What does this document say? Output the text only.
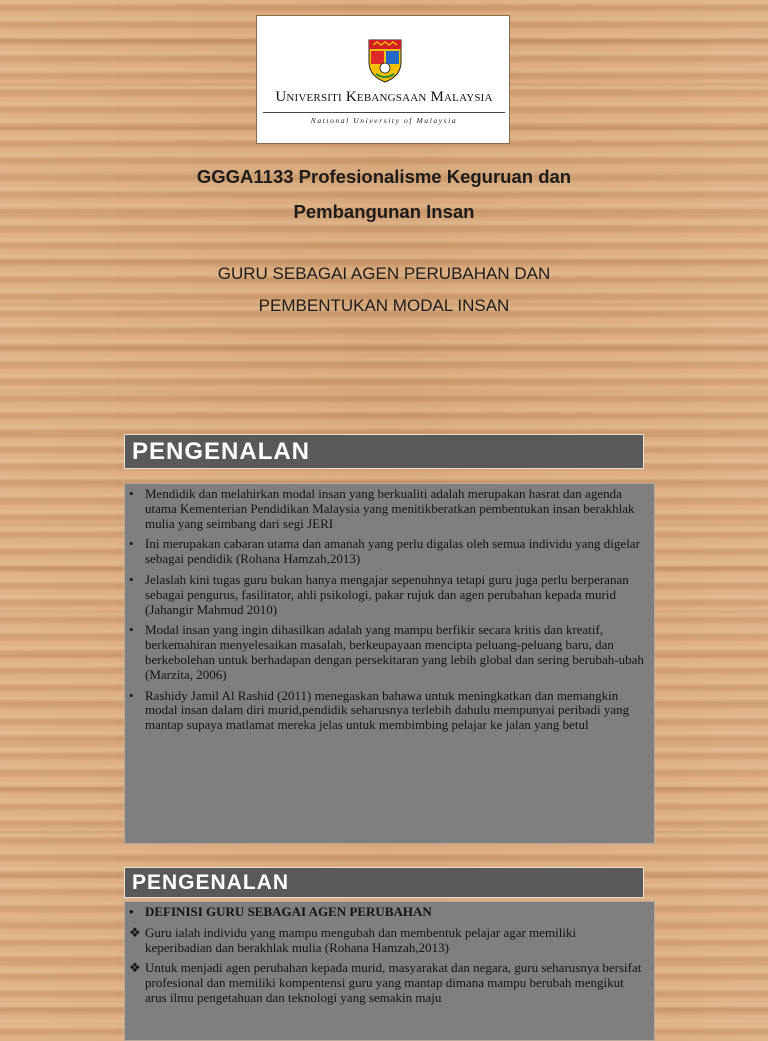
Universiti Kebangsaan Malaysia
National University of Malaysia
GGGA1133 Profesionalisme Keguruan dan
Pembangunan Insan
GURU SEBAGAI AGEN PERUBAHAN DAN
PEMBENTUKAN MODAL INSAN
PENGENALAN
• Mendidik dan melahirkan modal insan yang berkualiti adalah merupakan hasrat dan agenda utama Kementerian Pendidikan Malaysia yang menitikberatkan pembentukan insan berakhlak mulia yang seimbang dari segi JERI
• Ini merupakan cabaran utama dan amanah yang perlu digalas oleh semua individu yang digelar sebagai pendidik (Rohana Hamzah,2013)
• Jelaslah kini tugas guru bukan hanya mengajar sepenuhnya tetapi guru juga perlu berperanan sebagai pengurus, fasilitator, ahli psikologi, pakar rujuk dan agen perubahan kepada murid (Jahangir Mahmud 2010)
• Modal insan yang ingin dihasilkan adalah yang mampu berfikir secara kritis dan kreatif, berkemahiran menyelesaikan masalah, berkeupayaan mencipta peluang-peluang baru, dan berkebolehan untuk berhadapan dengan persekitaran yang lebih global dan sering berubah-ubah (Marzita, 2006)
• Rashidy Jamil Al Rashid (2011) menegaskan bahawa untuk meningkatkan dan memangkin modal insan dalam diri murid,pendidik seharusnya terlebih dahulu mempunyai peribadi yang mantap supaya matlamat mereka jelas untuk membimbing pelajar ke jalan yang betul
PENGENALAN
• DEFINISI GURU SEBAGAI AGEN PERUBAHAN
❖ Guru ialah individu yang mampu mengubah dan membentuk pelajar agar memiliki keperibadian dan berakhlak mulia (Rohana Hamzah,2013)
❖ Untuk menjadi agen perubahan kepada murid, masyarakat dan negara, guru seharusnya bersifat profesional dan memiliki kompentensi guru yang mantap dimana mampu berubah mengikut arus ilmu pengetahuan dan teknologi yang semakin maju
